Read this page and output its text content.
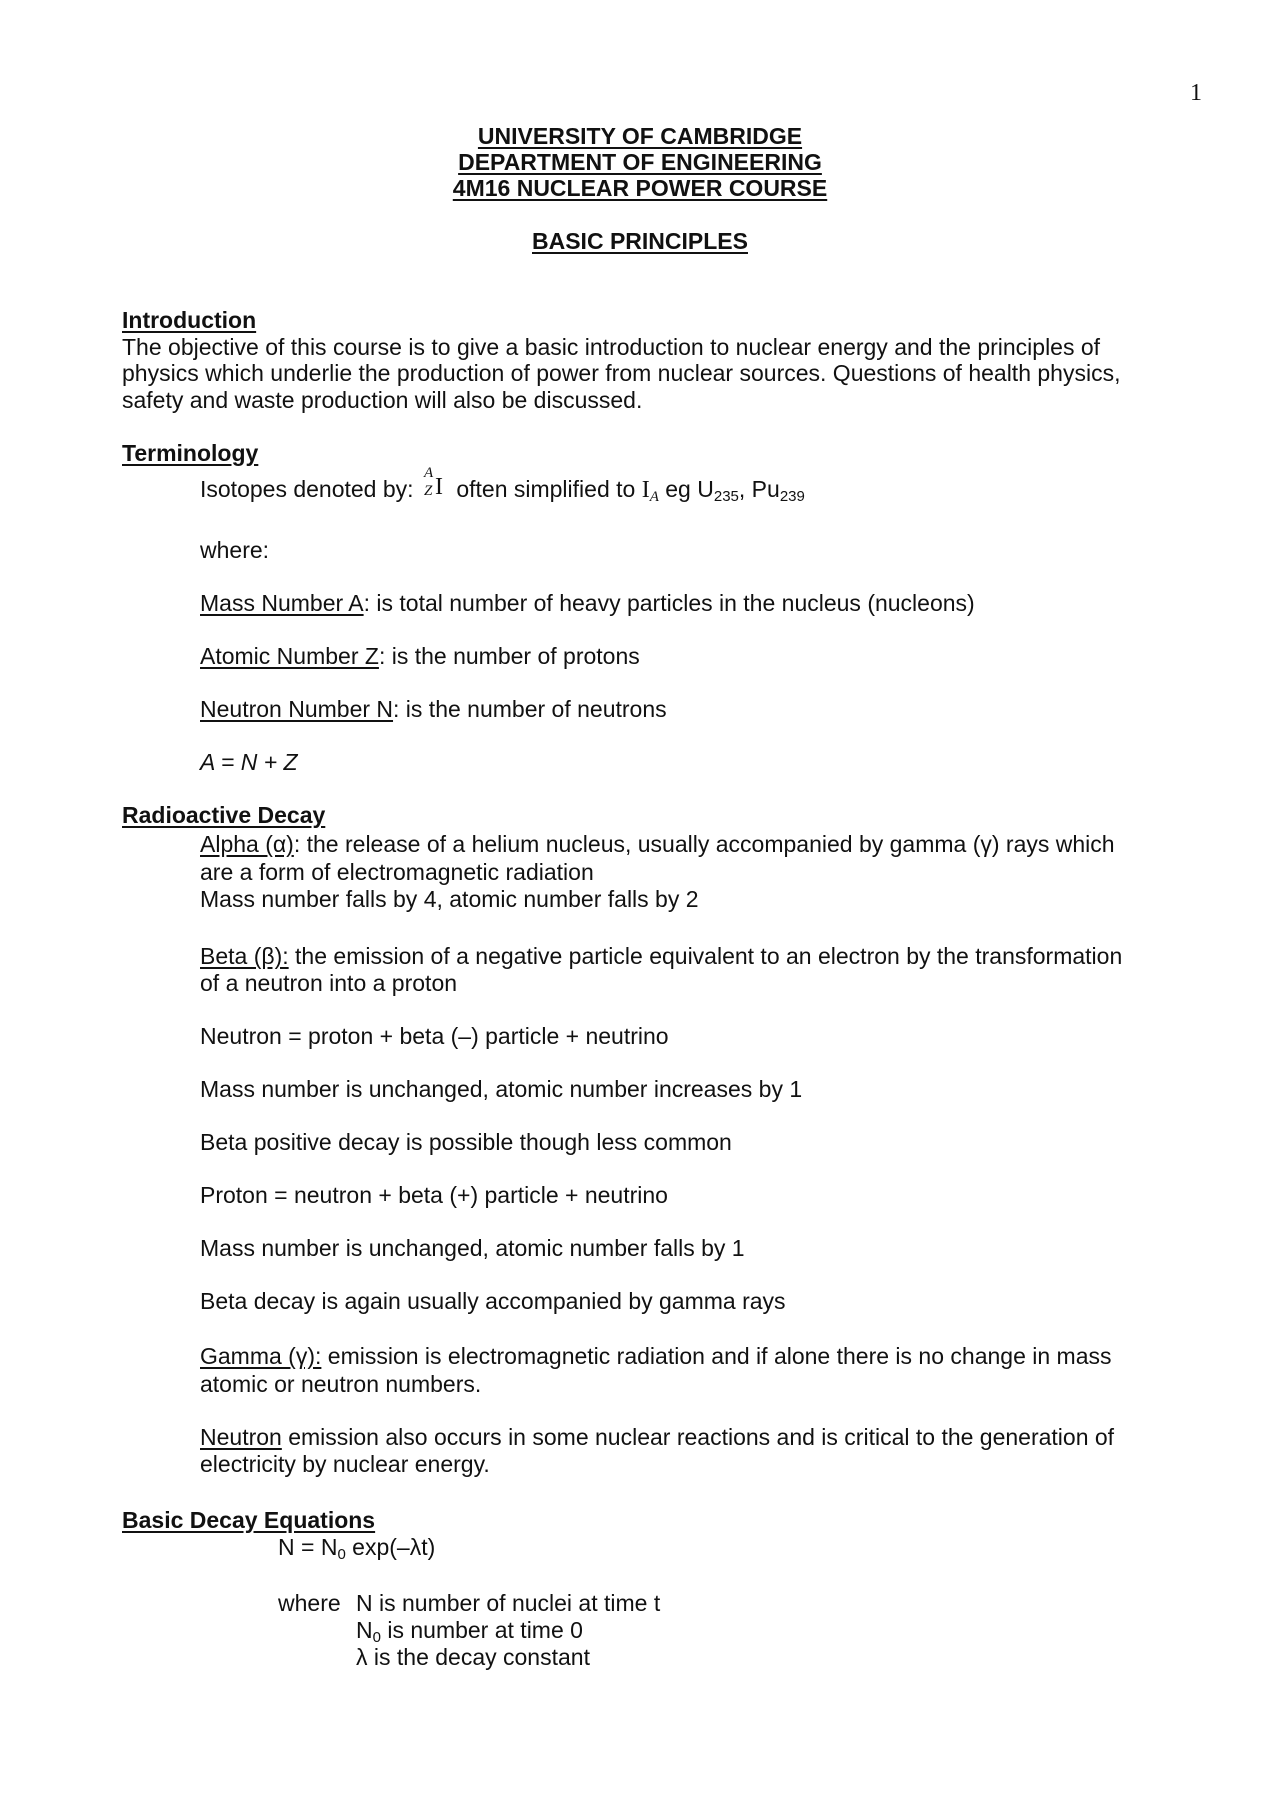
1
UNIVERSITY OF CAMBRIDGE
DEPARTMENT OF ENGINEERING
4M16 NUCLEAR POWER COURSE
BASIC PRINCIPLES
Introduction
The objective of this course is to give a basic introduction to nuclear energy and the principles of
physics which underlie the production of power from nuclear sources. Questions of health physics,
safety and waste production will also be discussed.
Terminology
Isotopes denoted by:
A
Z I often simplified to $I_A$ eg $U_{235}$, $Pu_{239}$
where:
Mass Number A: is total number of heavy particles in the nucleus (nucleons)
Atomic Number Z: is the number of protons
Neutron Number N: is the number of neutrons
A = N + Z
Radioactive Decay
Alpha (α): the release of a helium nucleus, usually accompanied by gamma (γ) rays which
are a form of electromagnetic radiation
Mass number falls by 4, atomic number falls by 2
Beta (β): the emission of a negative particle equivalent to an electron by the transformation
of a neutron into a proton
Neutron = proton + beta (–) particle + neutrino
Mass number is unchanged, atomic number increases by 1
Beta positive decay is possible though less common
Proton = neutron + beta (+) particle + neutrino
Mass number is unchanged, atomic number falls by 1
Beta decay is again usually accompanied by gamma rays
Gamma (γ): emission is electromagnetic radiation and if alone there is no change in mass
atomic or neutron numbers.
Neutron emission also occurs in some nuclear reactions and is critical to the generation of
electricity by nuclear energy.
Basic Decay Equations
$N = N_0$ exp(–λt)
where N is number of nuclei at time t
$N_0$ is number at time 0
λ is the decay constant
